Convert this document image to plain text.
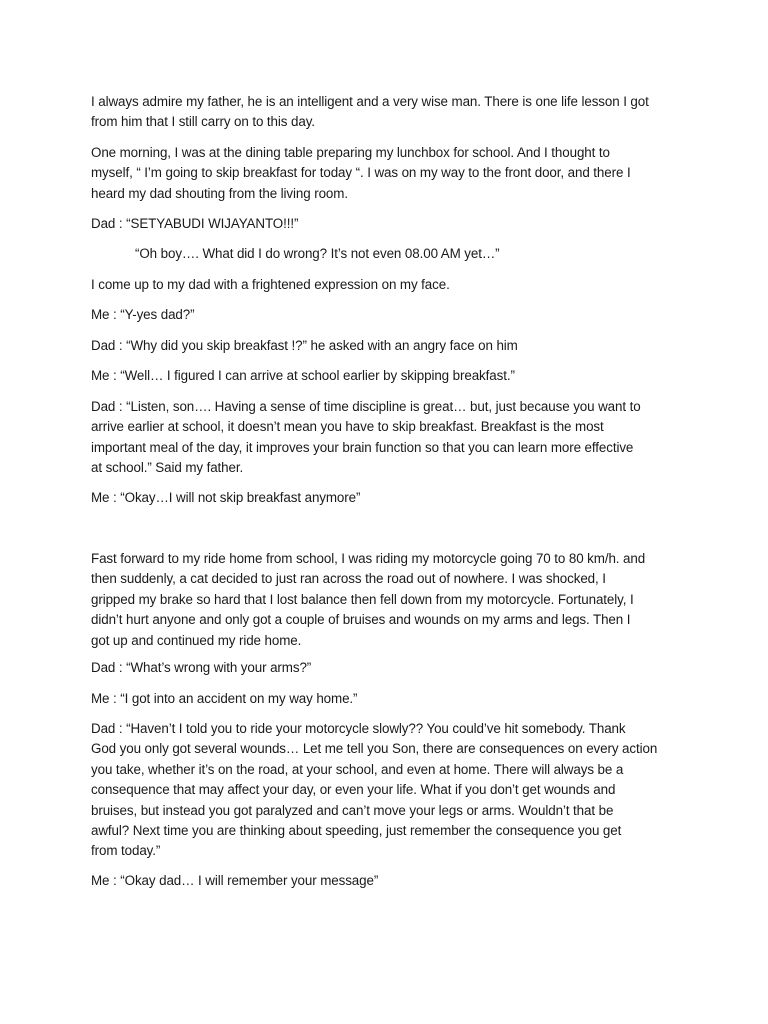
I always admire my father, he is an intelligent and a very wise man. There is one life lesson I got
from him that I still carry on to this day.
One morning, I was at the dining table preparing my lunchbox for school. And I thought to
myself, “ I’m going to skip breakfast for today “. I was on my way to the front door, and there I
heard my dad shouting from the living room.
Dad : “SETYABUDI WIJAYANTO!!!”
“Oh boy…. What did I do wrong? It’s not even 08.00 AM yet…”
I come up to my dad with a frightened expression on my face.
Me : “Y-yes dad?”
Dad : “Why did you skip breakfast !?” he asked with an angry face on him
Me : “Well… I figured I can arrive at school earlier by skipping breakfast.”
Dad : “Listen, son…. Having a sense of time discipline is great… but, just because you want to
arrive earlier at school, it doesn’t mean you have to skip breakfast. Breakfast is the most
important meal of the day, it improves your brain function so that you can learn more effective
at school.” Said my father.
Me : “Okay…I will not skip breakfast anymore”
Fast forward to my ride home from school, I was riding my motorcycle going 70 to 80 km/h. and
then suddenly, a cat decided to just ran across the road out of nowhere. I was shocked, I
gripped my brake so hard that I lost balance then fell down from my motorcycle. Fortunately, I
didn’t hurt anyone and only got a couple of bruises and wounds on my arms and legs. Then I
got up and continued my ride home.
Dad : “What’s wrong with your arms?”
Me : “I got into an accident on my way home.”
Dad : “Haven’t I told you to ride your motorcycle slowly?? You could’ve hit somebody. Thank
God you only got several wounds… Let me tell you Son, there are consequences on every action
you take, whether it’s on the road, at your school, and even at home. There will always be a
consequence that may affect your day, or even your life. What if you don’t get wounds and
bruises, but instead you got paralyzed and can’t move your legs or arms. Wouldn’t that be
awful? Next time you are thinking about speeding, just remember the consequence you get
from today.”
Me : “Okay dad… I will remember your message”
